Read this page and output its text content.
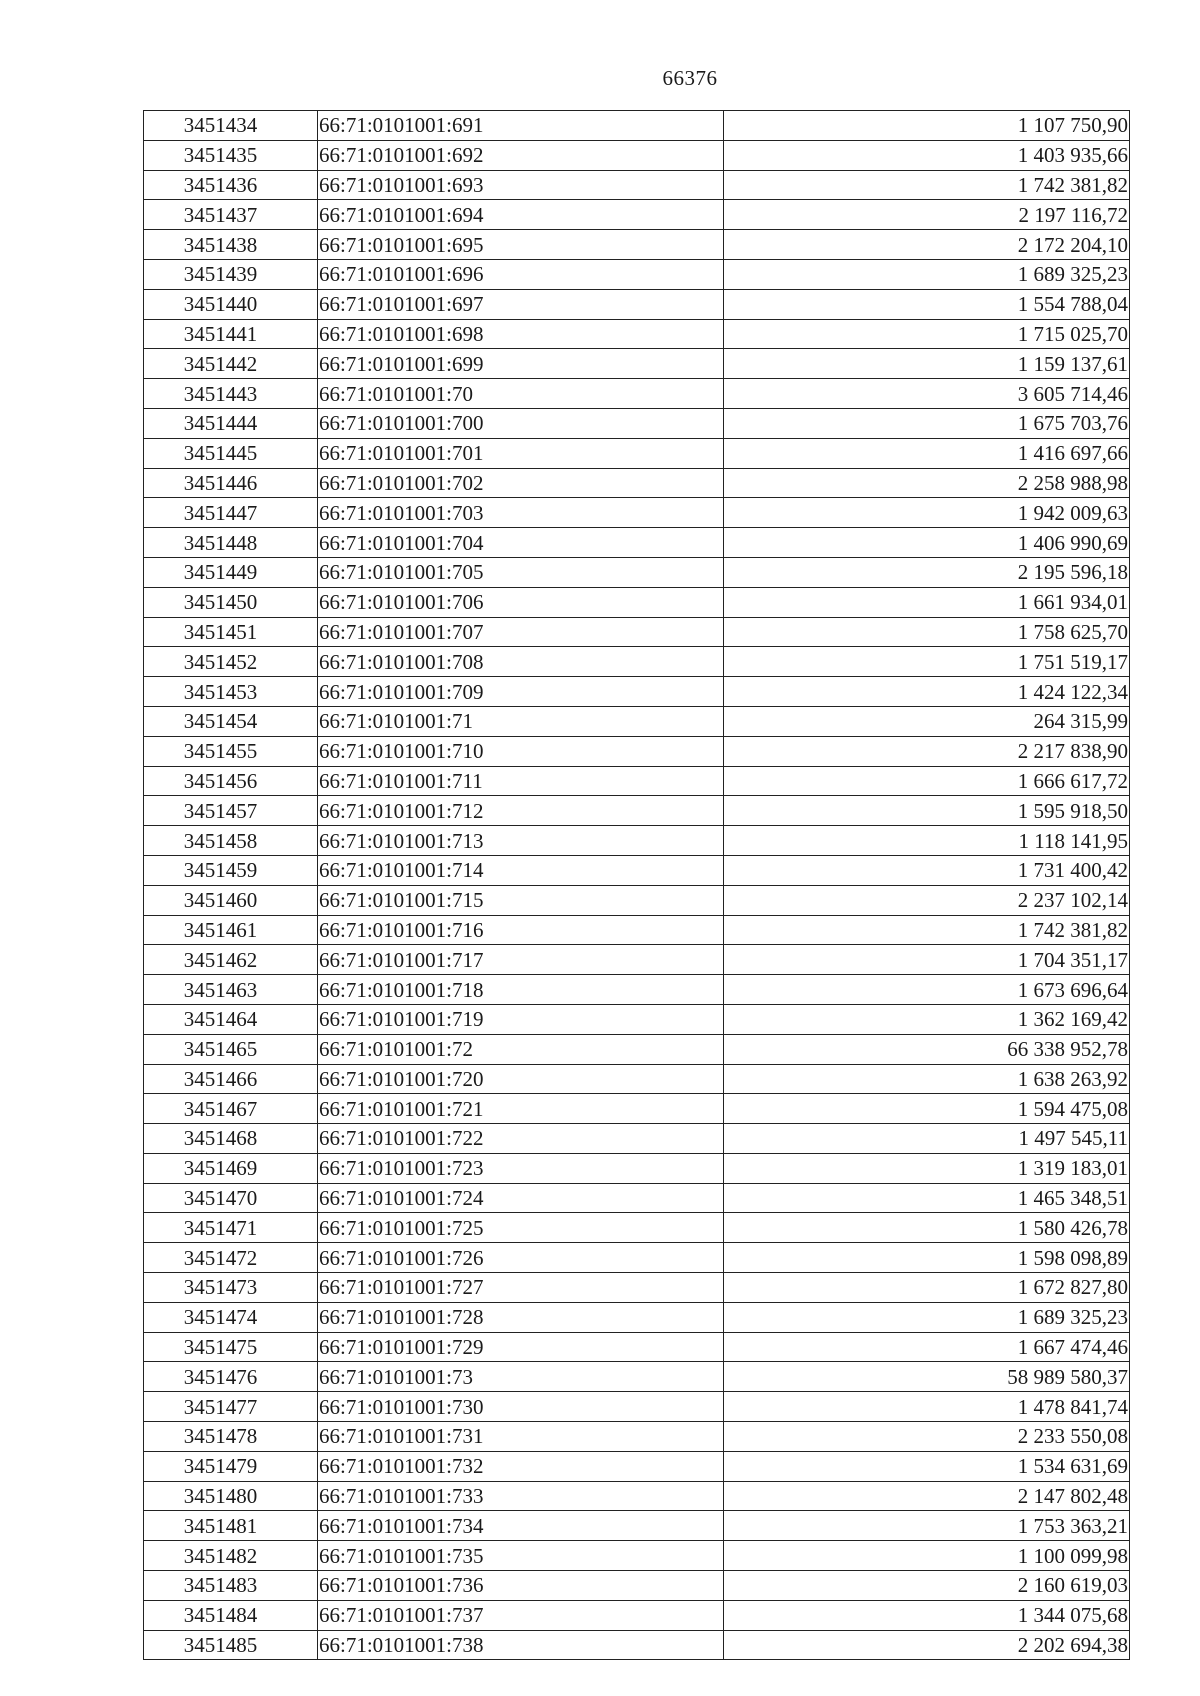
66376
3451434	66:71:0101001:691	1 107 750,90
3451435	66:71:0101001:692	1 403 935,66
3451436	66:71:0101001:693	1 742 381,82
3451437	66:71:0101001:694	2 197 116,72
3451438	66:71:0101001:695	2 172 204,10
3451439	66:71:0101001:696	1 689 325,23
3451440	66:71:0101001:697	1 554 788,04
3451441	66:71:0101001:698	1 715 025,70
3451442	66:71:0101001:699	1 159 137,61
3451443	66:71:0101001:70	3 605 714,46
3451444	66:71:0101001:700	1 675 703,76
3451445	66:71:0101001:701	1 416 697,66
3451446	66:71:0101001:702	2 258 988,98
3451447	66:71:0101001:703	1 942 009,63
3451448	66:71:0101001:704	1 406 990,69
3451449	66:71:0101001:705	2 195 596,18
3451450	66:71:0101001:706	1 661 934,01
3451451	66:71:0101001:707	1 758 625,70
3451452	66:71:0101001:708	1 751 519,17
3451453	66:71:0101001:709	1 424 122,34
3451454	66:71:0101001:71	264 315,99
3451455	66:71:0101001:710	2 217 838,90
3451456	66:71:0101001:711	1 666 617,72
3451457	66:71:0101001:712	1 595 918,50
3451458	66:71:0101001:713	1 118 141,95
3451459	66:71:0101001:714	1 731 400,42
3451460	66:71:0101001:715	2 237 102,14
3451461	66:71:0101001:716	1 742 381,82
3451462	66:71:0101001:717	1 704 351,17
3451463	66:71:0101001:718	1 673 696,64
3451464	66:71:0101001:719	1 362 169,42
3451465	66:71:0101001:72	66 338 952,78
3451466	66:71:0101001:720	1 638 263,92
3451467	66:71:0101001:721	1 594 475,08
3451468	66:71:0101001:722	1 497 545,11
3451469	66:71:0101001:723	1 319 183,01
3451470	66:71:0101001:724	1 465 348,51
3451471	66:71:0101001:725	1 580 426,78
3451472	66:71:0101001:726	1 598 098,89
3451473	66:71:0101001:727	1 672 827,80
3451474	66:71:0101001:728	1 689 325,23
3451475	66:71:0101001:729	1 667 474,46
3451476	66:71:0101001:73	58 989 580,37
3451477	66:71:0101001:730	1 478 841,74
3451478	66:71:0101001:731	2 233 550,08
3451479	66:71:0101001:732	1 534 631,69
3451480	66:71:0101001:733	2 147 802,48
3451481	66:71:0101001:734	1 753 363,21
3451482	66:71:0101001:735	1 100 099,98
3451483	66:71:0101001:736	2 160 619,03
3451484	66:71:0101001:737	1 344 075,68
3451485	66:71:0101001:738	2 202 694,38
